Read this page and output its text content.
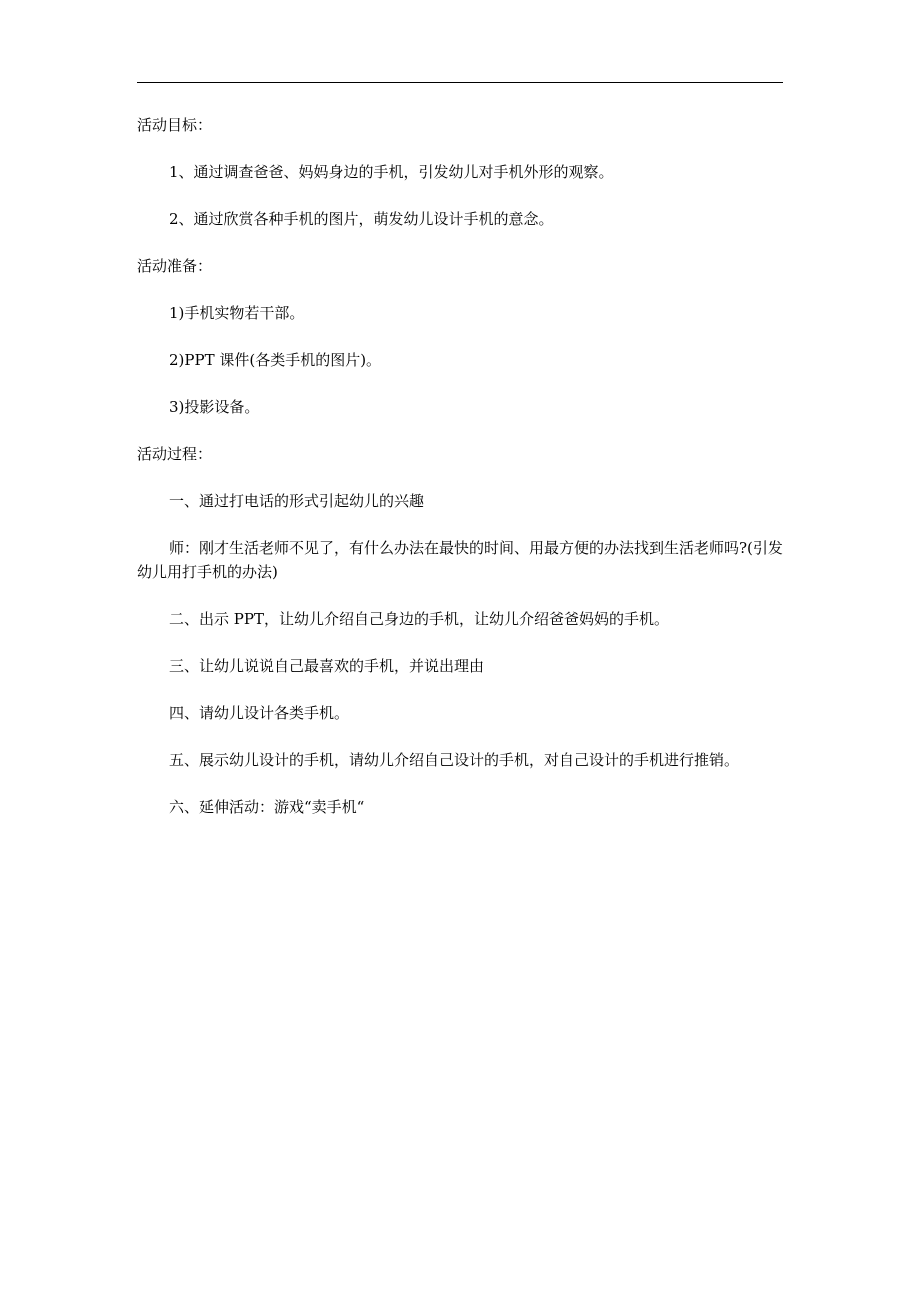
活动目标：

1、通过调查爸爸、妈妈身边的手机，引发幼儿对手机外形的观察。

2、通过欣赏各种手机的图片，萌发幼儿设计手机的意念。

活动准备：

1)手机实物若干部。

2)PPT 课件(各类手机的图片)。

3)投影设备。

活动过程：

一、通过打电话的形式引起幼儿的兴趣

师：刚才生活老师不见了，有什么办法在最快的时间、用最方便的办法找到生活老师吗?(引发幼儿用打手机的办法)

二、出示 PPT，让幼儿介绍自己身边的手机，让幼儿介绍爸爸妈妈的手机。

三、让幼儿说说自己最喜欢的手机，并说出理由

四、请幼儿设计各类手机。

五、展示幼儿设计的手机，请幼儿介绍自己设计的手机，对自己设计的手机进行推销。

六、延伸活动：游戏“卖手机“
